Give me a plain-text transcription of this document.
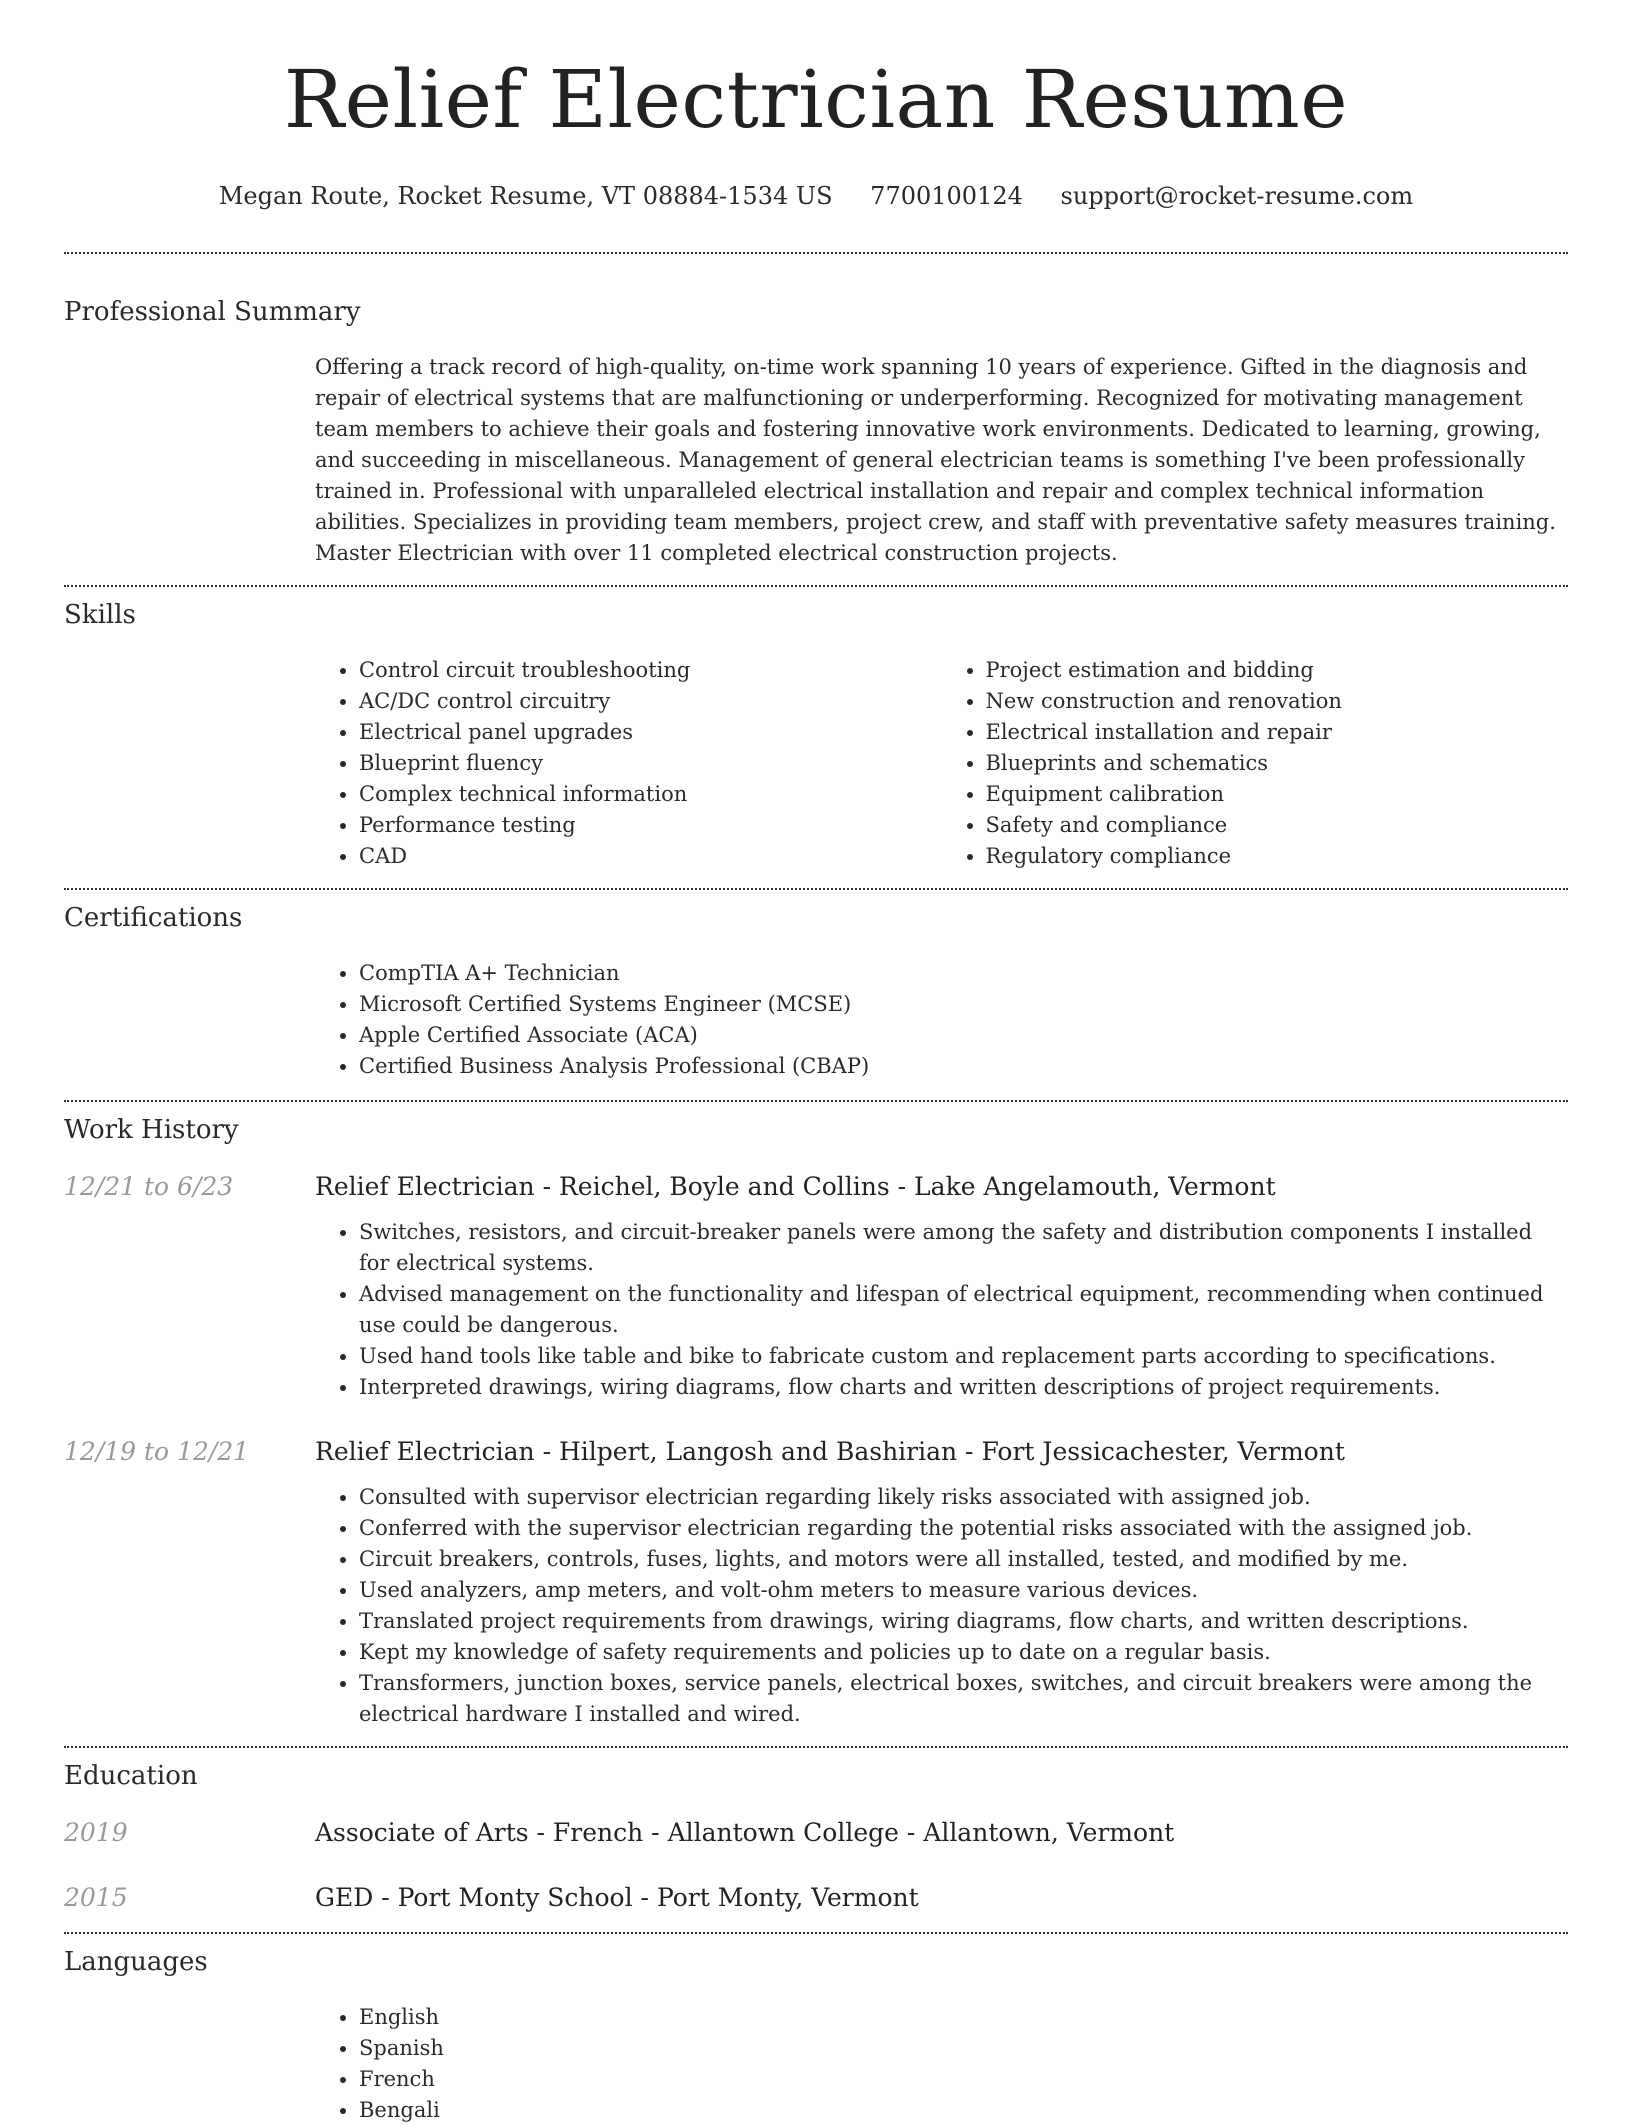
Relief Electrician Resume
Megan Route, Rocket Resume, VT 08884-1534 US 7700100124 support@rocket-resume.com
Professional Summary
Offering a track record of high-quality, on-time work spanning 10 years of experience. Gifted in the diagnosis and repair of electrical systems that are malfunctioning or underperforming. Recognized for motivating management team members to achieve their goals and fostering innovative work environments. Dedicated to learning, growing, and succeeding in miscellaneous. Management of general electrician teams is something I've been professionally trained in. Professional with unparalleled electrical installation and repair and complex technical information abilities. Specializes in providing team members, project crew, and staff with preventative safety measures training. Master Electrician with over 11 completed electrical construction projects.
Skills
• Control circuit troubleshooting
• AC/DC control circuitry
• Electrical panel upgrades
• Blueprint fluency
• Complex technical information
• Performance testing
• CAD
• Project estimation and bidding
• New construction and renovation
• Electrical installation and repair
• Blueprints and schematics
• Equipment calibration
• Safety and compliance
• Regulatory compliance
Certifications
• CompTIA A+ Technician
• Microsoft Certified Systems Engineer (MCSE)
• Apple Certified Associate (ACA)
• Certified Business Analysis Professional (CBAP)
Work History
12/21 to 6/23	Relief Electrician - Reichel, Boyle and Collins - Lake Angelamouth, Vermont
• Switches, resistors, and circuit-breaker panels were among the safety and distribution components I installed for electrical systems.
• Advised management on the functionality and lifespan of electrical equipment, recommending when continued use could be dangerous.
• Used hand tools like table and bike to fabricate custom and replacement parts according to specifications.
• Interpreted drawings, wiring diagrams, flow charts and written descriptions of project requirements.
12/19 to 12/21	Relief Electrician - Hilpert, Langosh and Bashirian - Fort Jessicachester, Vermont
• Consulted with supervisor electrician regarding likely risks associated with assigned job.
• Conferred with the supervisor electrician regarding the potential risks associated with the assigned job.
• Circuit breakers, controls, fuses, lights, and motors were all installed, tested, and modified by me.
• Used analyzers, amp meters, and volt-ohm meters to measure various devices.
• Translated project requirements from drawings, wiring diagrams, flow charts, and written descriptions.
• Kept my knowledge of safety requirements and policies up to date on a regular basis.
• Transformers, junction boxes, service panels, electrical boxes, switches, and circuit breakers were among the electrical hardware I installed and wired.
Education
2019	Associate of Arts - French - Allantown College - Allantown, Vermont
2015	GED - Port Monty School - Port Monty, Vermont
Languages
• English
• Spanish
• French
• Bengali
